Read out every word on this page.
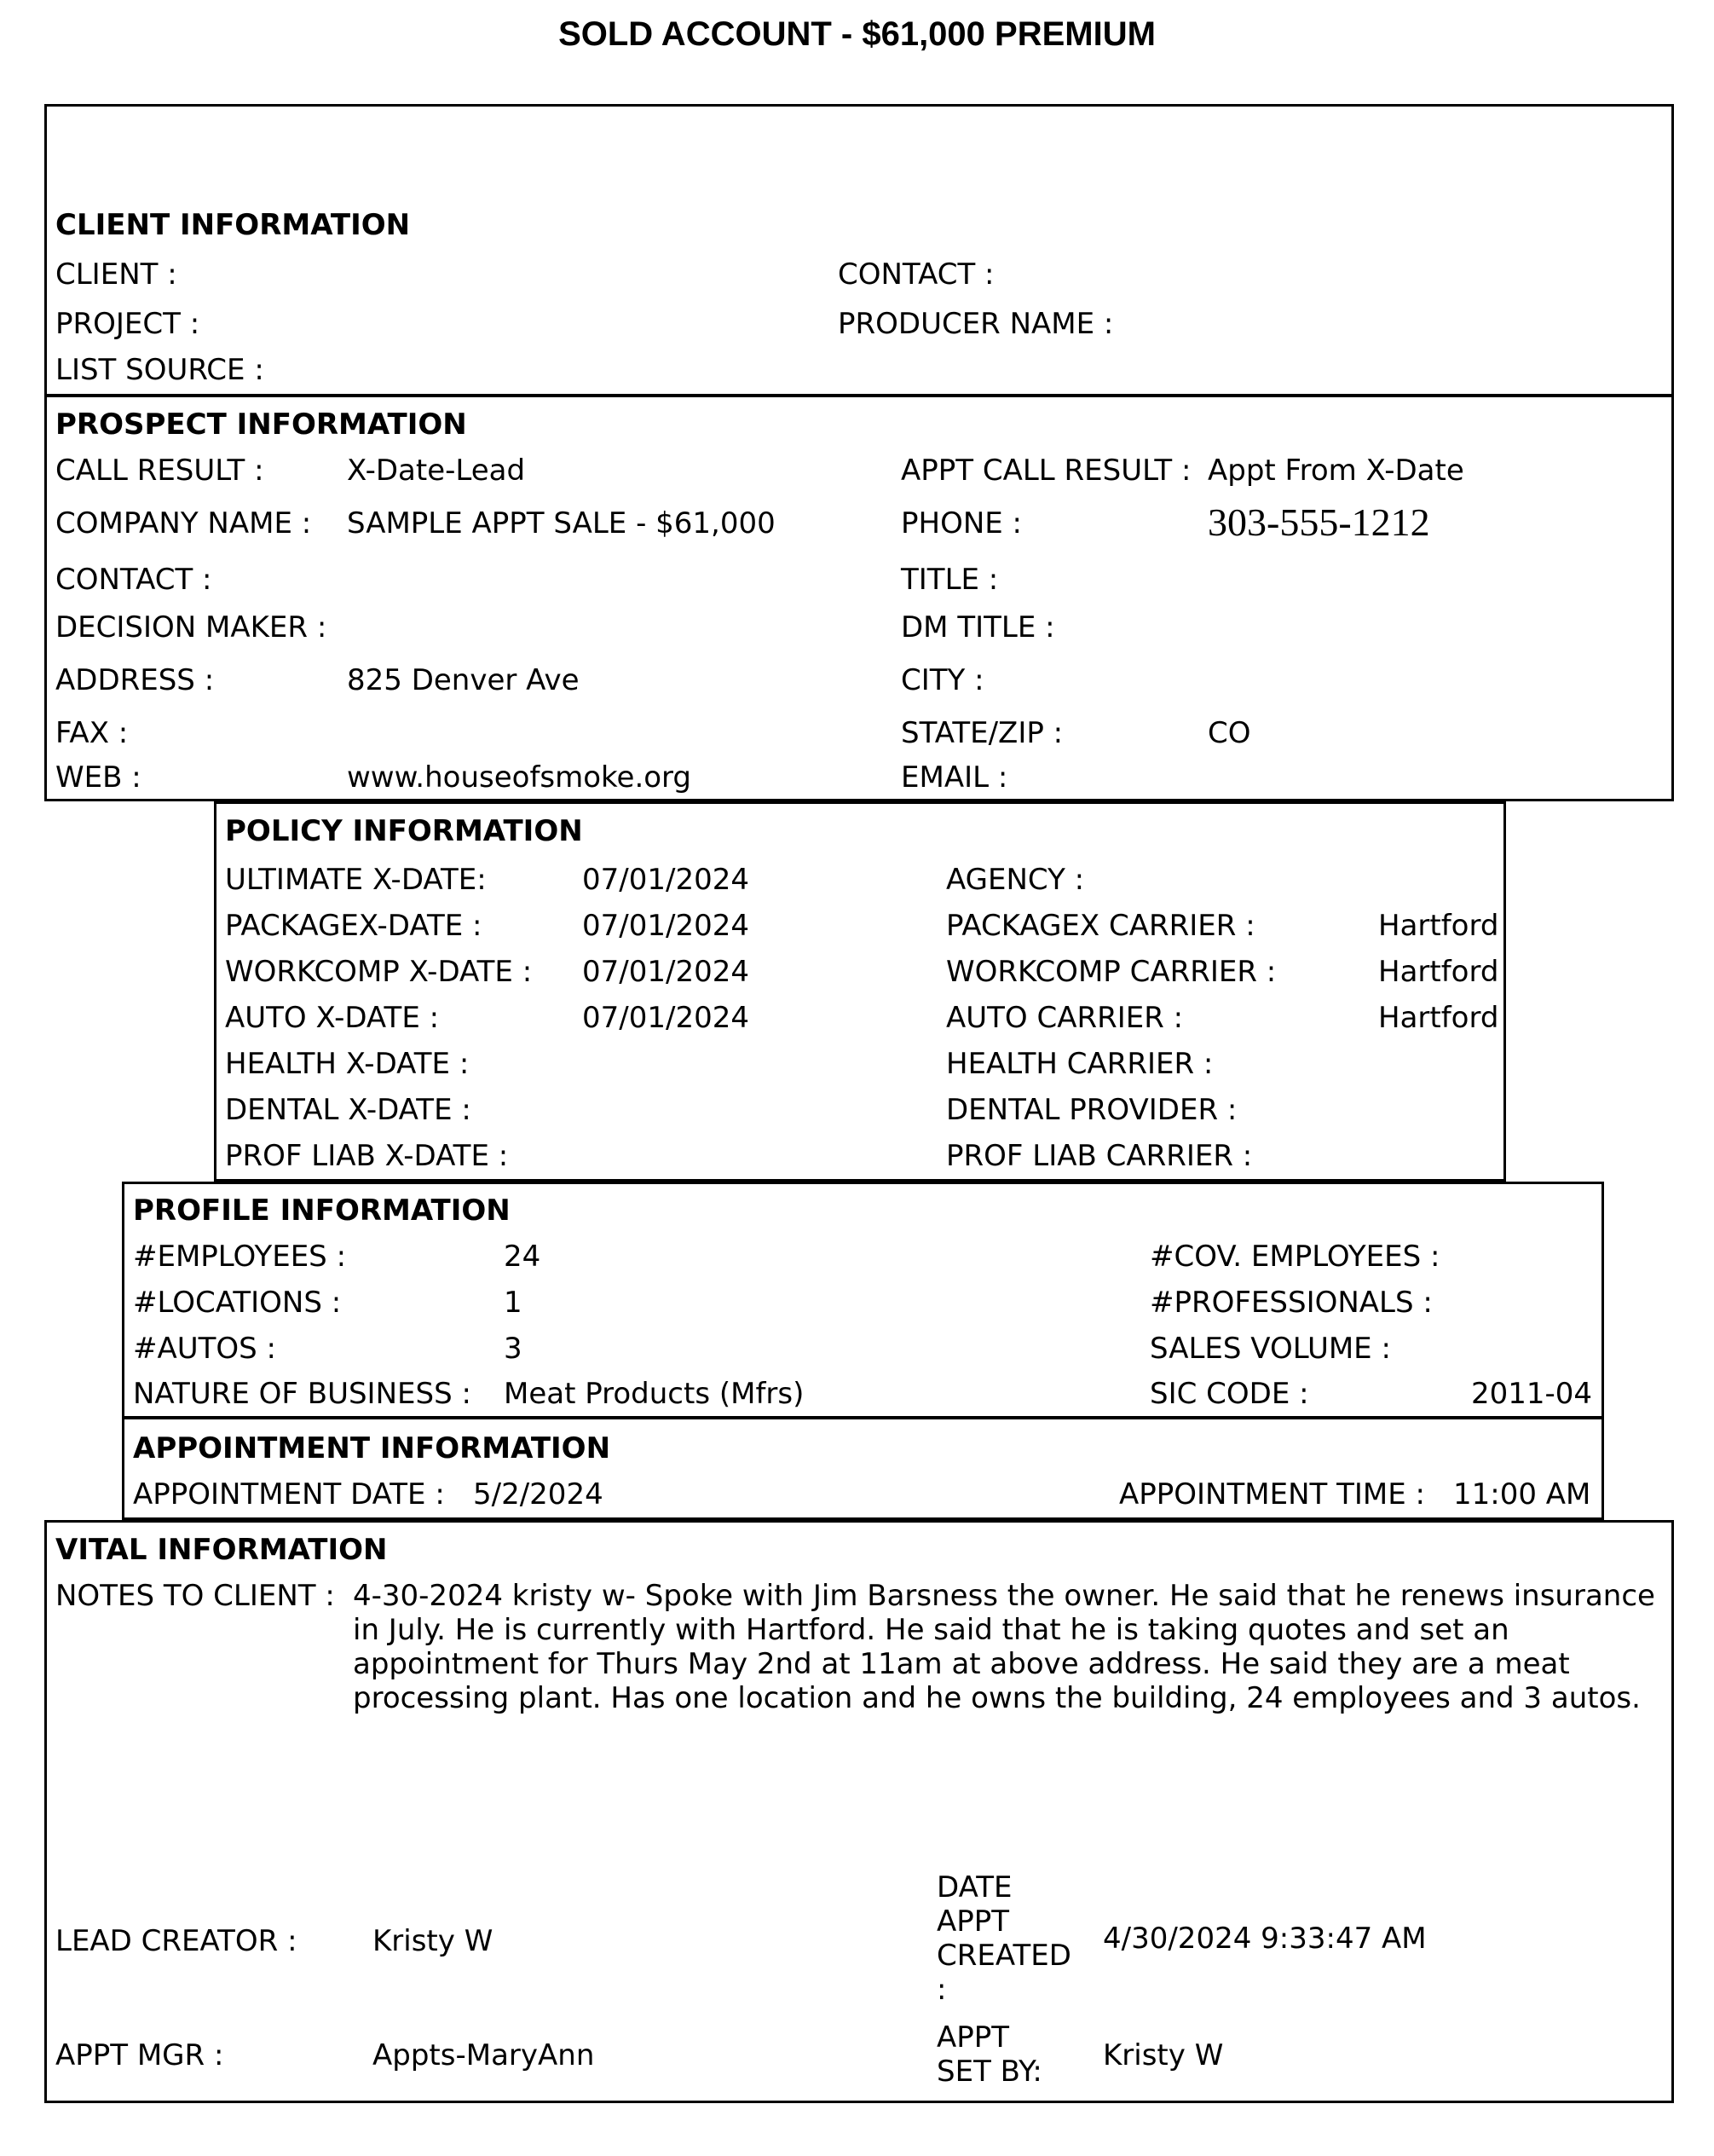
SOLD ACCOUNT - $61,000 PREMIUM
CLIENT INFORMATION
CLIENT :	CONTACT :
PROJECT :	PRODUCER NAME :
LIST SOURCE :
PROSPECT INFORMATION
CALL RESULT :	X-Date-Lead	APPT CALL RESULT : Appt From X-Date
COMPANY NAME : SAMPLE APPT SALE - $61,000	PHONE :	303-555-1212
CONTACT :	TITLE :
DECISION MAKER :	DM TITLE :
ADDRESS :	825 Denver Ave	CITY :
FAX :	STATE/ZIP :	CO
WEB :	www.houseofsmoke.org	EMAIL :
POLICY INFORMATION
ULTIMATE X-DATE:	07/01/2024	AGENCY :
PACKAGEX-DATE :	07/01/2024	PACKAGEX CARRIER :	Hartford
WORKCOMP X-DATE : 07/01/2024	WORKCOMP CARRIER :	Hartford
AUTO X-DATE :	07/01/2024	AUTO CARRIER :	Hartford
HEALTH X-DATE :	HEALTH CARRIER :
DENTAL X-DATE :	DENTAL PROVIDER :
PROF LIAB X-DATE :	PROF LIAB CARRIER :
PROFILE INFORMATION
#EMPLOYEES :	24	#COV. EMPLOYEES :
#LOCATIONS :	1	#PROFESSIONALS :
#AUTOS :	3	SALES VOLUME :
NATURE OF BUSINESS : Meat Products (Mfrs)	SIC CODE :	2011-04
APPOINTMENT INFORMATION
APPOINTMENT DATE : 5/2/2024	APPOINTMENT TIME : 11:00 AM
VITAL INFORMATION
NOTES TO CLIENT : 4-30-2024 kristy w- Spoke with Jim Barsness the owner. He said that he renews insurance
in July. He is currently with Hartford. He said that he is taking quotes and set an
appointment for Thurs May 2nd at 11am at above address. He said they are a meat
processing plant. Has one location and he owns the building, 24 employees and 3 autos.
LEAD CREATOR :	Kristy W
DATE
APPT
CREATED
:
4/30/2024 9:33:47 AM
APPT MGR :	Appts-MaryAnn
APPT
SET BY: Kristy W
